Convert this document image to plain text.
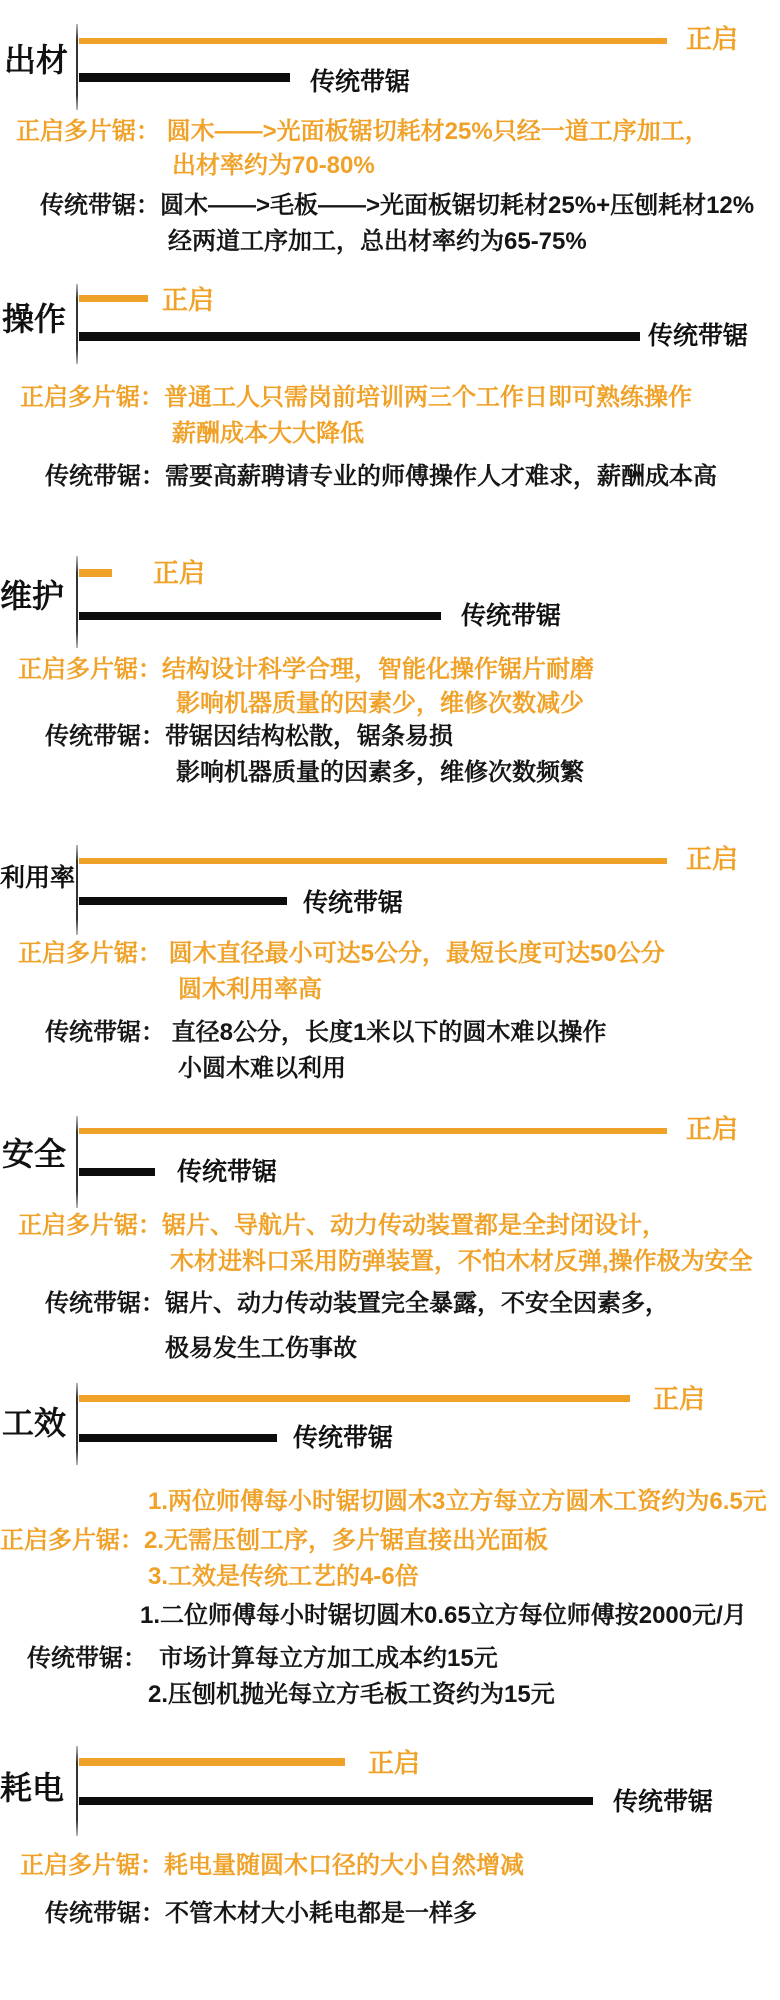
出材
正启
传统带锯
正启多片锯： 圆木——>光面板锯切耗材25%只经一道工序加工，
出材率约为70-80%
传统带锯：圆木——>毛板——>光面板锯切耗材25%+压刨耗材12%
经两道工序加工，总出材率约为65-75%
操作
正启
传统带锯
正启多片锯：普通工人只需岗前培训两三个工作日即可熟练操作
薪酬成本大大降低
传统带锯：需要高薪聘请专业的师傅操作人才难求，薪酬成本高
维护
正启
传统带锯
正启多片锯：结构设计科学合理，智能化操作锯片耐磨
影响机器质量的因素少，维修次数减少
传统带锯：带锯因结构松散，锯条易损
影响机器质量的因素多，维修次数频繁
利用率
正启
传统带锯
正启多片锯： 圆木直径最小可达5公分，最短长度可达50公分
圆木利用率高
传统带锯： 直径8公分，长度1米以下的圆木难以操作
小圆木难以利用
安全
正启
传统带锯
正启多片锯：锯片、导航片、动力传动装置都是全封闭设计，
木材进料口采用防弹装置，不怕木材反弹,操作极为安全
传统带锯：锯片、动力传动装置完全暴露，不安全因素多，
极易发生工伤事故
工效
正启
传统带锯
1.两位师傅每小时锯切圆木3立方每立方圆木工资约为6.5元
正启多片锯：2.无需压刨工序，多片锯直接出光面板
3.工效是传统工艺的4-6倍
1.二位师傅每小时锯切圆木0.65立方每位师傅按2000元/月
传统带锯：　市场计算每立方加工成本约15元
2.压刨机抛光每立方毛板工资约为15元
耗电
正启
传统带锯
正启多片锯：耗电量随圆木口径的大小自然增减
传统带锯：不管木材大小耗电都是一样多
